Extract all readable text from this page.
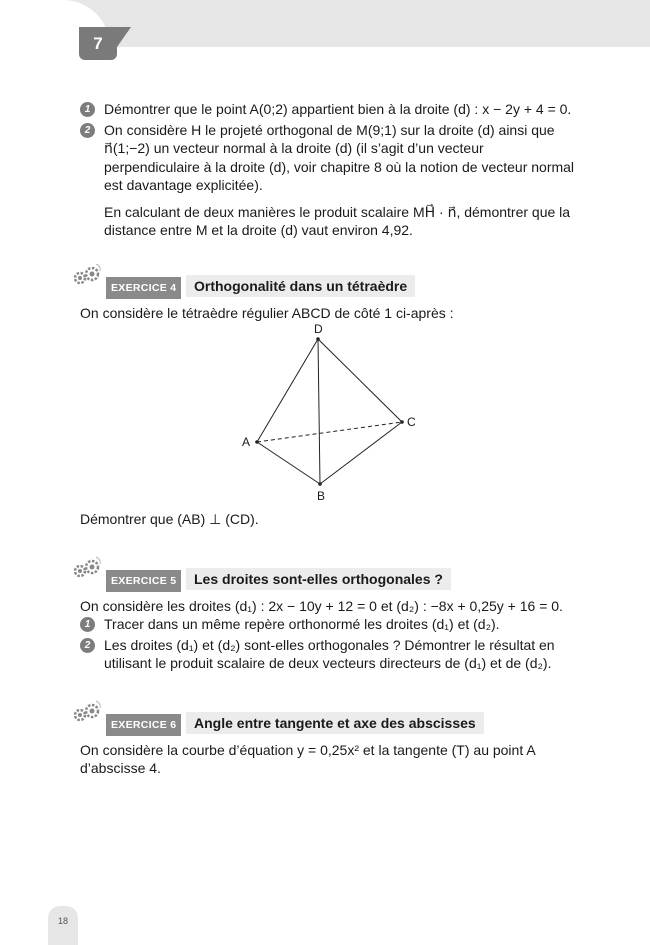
7
1 Démontrer que le point A(0;2) appartient bien à la droite (d) : x − 2y + 4 = 0.
2 On considère H le projeté orthogonal de M(9;1) sur la droite (d) ainsi que n⃗(1;−2) un vecteur normal à la droite (d) (il s’agit d’un vecteur perpendiculaire à la droite (d), voir chapitre 8 où la notion de vecteur normal est davantage explicitée).
En calculant de deux manières le produit scalaire MH⃗ · n⃗, démontrer que la distance entre M et la droite (d) vaut environ 4,92.
EXERCICE 4	Orthogonalité dans un tétraèdre
On considère le tétraèdre régulier ABCD de côté 1 ci-après :
D
A
B
C
Démontrer que (AB) ⊥ (CD).
EXERCICE 5	Les droites sont-elles orthogonales ?
On considère les droites (d₁) : 2x − 10y + 12 = 0 et (d₂) : −8x + 0,25y + 16 = 0.
1 Tracer dans un même repère orthonormé les droites (d₁) et (d₂).
2 Les droites (d₁) et (d₂) sont-elles orthogonales ? Démontrer le résultat en utilisant le produit scalaire de deux vecteurs directeurs de (d₁) et de (d₂).
EXERCICE 6	Angle entre tangente et axe des abscisses
On considère la courbe d’équation y = 0,25x² et la tangente (T) au point A d’abscisse 4.
18
